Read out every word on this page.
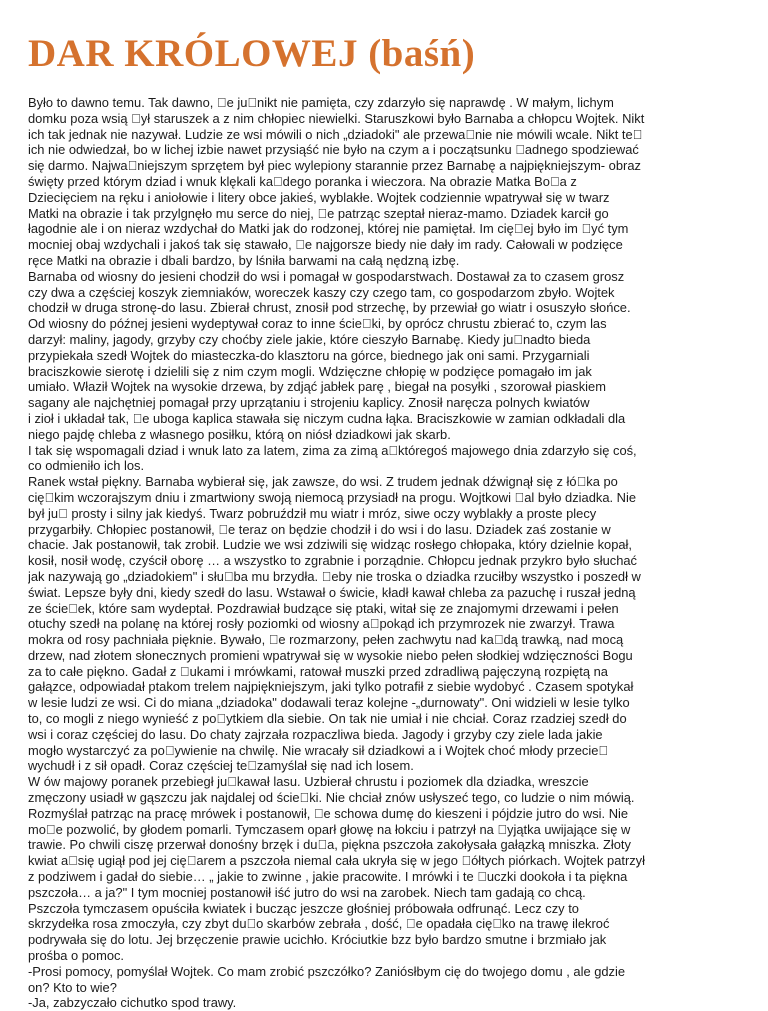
DAR KRÓLOWEJ (baśń)
Było to dawno temu. Tak dawno,  e ju nikt nie pamięta, czy zdarzyło się naprawdę . W małym, lichym
domku poza wsią  ył staruszek a z nim chłopiec niewielki. Staruszkowi było Barnaba a chłopcu Wojtek. Nikt
ich tak jednak nie nazywał. Ludzie ze wsi mówili o nich „dziadoki" ale przewa nie nie mówili wcale. Nikt te 
ich nie odwiedzał, bo w lichej izbie nawet przysiąść nie było na czym a i początsunku  adnego spodziewać
się darmo. Najwa niejszym sprzętem był piec wylepiony starannie przez Barnabę a najpiękniejszym- obraz
święty przed którym dziad i wnuk klękali ka dego poranka i wieczora. Na obrazie Matka Bo a z
Dziecięciem na ręku i aniołowie i litery obce jakieś, wyblakłe. Wojtek codziennie wpatrywał się w twarz
Matki na obrazie i tak przylgnęło mu serce do niej,  e patrząc szeptał nieraz-mamo. Dziadek karcił go
łagodnie ale i on nieraz wzdychał do Matki jak do rodzonej, której nie pamiętał. Im cię ej było im  yć tym
mocniej obaj wzdychali i jakoś tak się stawało,  e najgorsze biedy nie dały im rady. Całowali w podzięce
ręce Matki na obrazie i dbali bardzo, by lśniła barwami na całą nędzną izbę.
Barnaba od wiosny do jesieni chodził do wsi i pomagał w gospodarstwach. Dostawał za to czasem grosz
czy dwa a częściej koszyk ziemniaków, woreczek kaszy czy czego tam, co gospodarzom zbyło. Wojtek
chodził w druga stronę-do lasu. Zbierał chrust, znosił pod strzechę, by przewiał go wiatr i osuszyło słońce.
Od wiosny do późnej jesieni wydeptywał coraz to inne ście ki, by oprócz chrustu zbierać to, czym las
darzył: maliny, jagody, grzyby czy choćby ziele jakie, które cieszyło Barnabę. Kiedy ju nadto bieda
przypiekała szedł Wojtek do miasteczka-do klasztoru na górce, biednego jak oni sami. Przygarniali
braciszkowie sierotę i dzielili się z nim czym mogli. Wdzięczne chłopię w podzięce pomagało im jak
umiało. Właził Wojtek na wysokie drzewa, by zdjąć jabłek parę , biegał na posyłki , szorował piaskiem
sagany ale najchętniej pomagał przy uprzątaniu i strojeniu kaplicy. Znosił naręcza polnych kwiatów
i zioł i układał tak,  e uboga kaplica stawała się niczym cudna łąka. Braciszkowie w zamian odkładali dla
niego pajdę chleba z własnego posiłku, którą on niósł dziadkowi jak skarb.
I tak się wspomagali dziad i wnuk lato za latem, zima za zimą a któregoś majowego dnia zdarzyło się coś,
co odmieniło ich los.
Ranek wstał piękny. Barnaba wybierał się, jak zawsze, do wsi. Z trudem jednak dźwignął się z łó ka po
cię kim wczorajszym dniu i zmartwiony swoją niemocą przysiadł na progu. Wojtkowi  al było dziadka. Nie
był ju  prosty i silny jak kiedyś. Twarz pobruździł mu wiatr i mróz, siwe oczy wyblakły a proste plecy
przygarbiły. Chłopiec postanowił,  e teraz on będzie chodził i do wsi i do lasu. Dziadek zaś zostanie w
chacie. Jak postanowił, tak zrobił. Ludzie we wsi zdziwili się widząc rosłego chłopaka, który dzielnie kopał,
kosił, nosił wodę, czyścił oborę … a wszystko to zgrabnie i porządnie. Chłopcu jednak przykro było słuchać
jak nazywają go „dziadokiem" i słu ba mu brzydła.  eby nie troska o dziadka rzuciłby wszystko i poszedł w
świat. Lepsze były dni, kiedy szedł do lasu. Wstawał o świcie, kładł kawał chleba za pazuchę i ruszał jedną
ze ście ek, które sam wydeptał. Pozdrawiał budzące się ptaki, witał się ze znajomymi drzewami i pełen
otuchy szedł na polanę na której rosły poziomki od wiosny a pokąd ich przymrozek nie zwarzył. Trawa
mokra od rosy pachniała pięknie. Bywało,  e rozmarzony, pełen zachwytu nad ka dą trawką, nad mocą
drzew, nad złotem słonecznych promieni wpatrywał się w wysokie niebo pełen słodkiej wdzięczności Bogu
za to całe piękno. Gadał z  ukami i mrówkami, ratował muszki przed zdradliwą pajęczyną rozpiętą na
gałązce, odpowiadał ptakom trelem najpiękniejszym, jaki tylko potrafił z siebie wydobyć . Czasem spotykał
w lesie ludzi ze wsi. Ci do miana „dziadoka" dodawali teraz kolejne -„durnowaty". Oni widzieli w lesie tylko
to, co mogli z niego wynieść z po ytkiem dla siebie. On tak nie umiał i nie chciał. Coraz rzadziej szedł do
wsi i coraz częściej do lasu. Do chaty zajrzała rozpaczliwa bieda. Jagody i grzyby czy ziele lada jakie
mogło wystarczyć za po ywienie na chwilę. Nie wracały sił dziadkowi a i Wojtek choć młody przecie 
wychudł i z sił opadł. Coraz częściej te zamyślał się nad ich losem.
W ów majowy poranek przebiegł ju kawał lasu. Uzbierał chrustu i poziomek dla dziadka, wreszcie
zmęczony usiadł w gąszczu jak najdalej od ście ki. Nie chciał znów usłyszeć tego, co ludzie o nim mówią.
Rozmyślał patrząc na pracę mrówek i postanowił,  e schowa dumę do kieszeni i pójdzie jutro do wsi. Nie
mo e pozwolić, by głodem pomarli. Tymczasem oparł głowę na łokciu i patrzył na  yjątka uwijające się w
trawie. Po chwili ciszę przerwał donośny brzęk i du a, piękna pszczoła zakołysała gałązką mniszka. Złoty
kwiat a się ugiął pod jej cię arem a pszczoła niemal cała ukryła się w jego  ółtych piórkach. Wojtek patrzył
z podziwem i gadał do siebie… „ jakie to zwinne , jakie pracowite. I mrówki i te  uczki dookoła i ta piękna
pszczoła… a ja?" I tym mocniej postanowił iść jutro do wsi na zarobek. Niech tam gadają co chcą.
Pszczoła tymczasem opuściła kwiatek i bucząc jeszcze głośniej próbowała odfrunąć. Lecz czy to
skrzydełka rosa zmoczyła, czy zbyt du o skarbów zebrała , dość,  e opadała cię ko na trawę ilekroć
podrywała się do lotu. Jej brzęczenie prawie ucichło. Króciutkie bzz było bardzo smutne i brzmiało jak
prośba o pomoc.
-Prosi pomocy, pomyślał Wojtek. Co mam zrobić pszczółko? Zaniósłbym cię do twojego domu , ale gdzie
on? Kto to wie?
-Ja, zabzyczało cichutko spod trawy.
